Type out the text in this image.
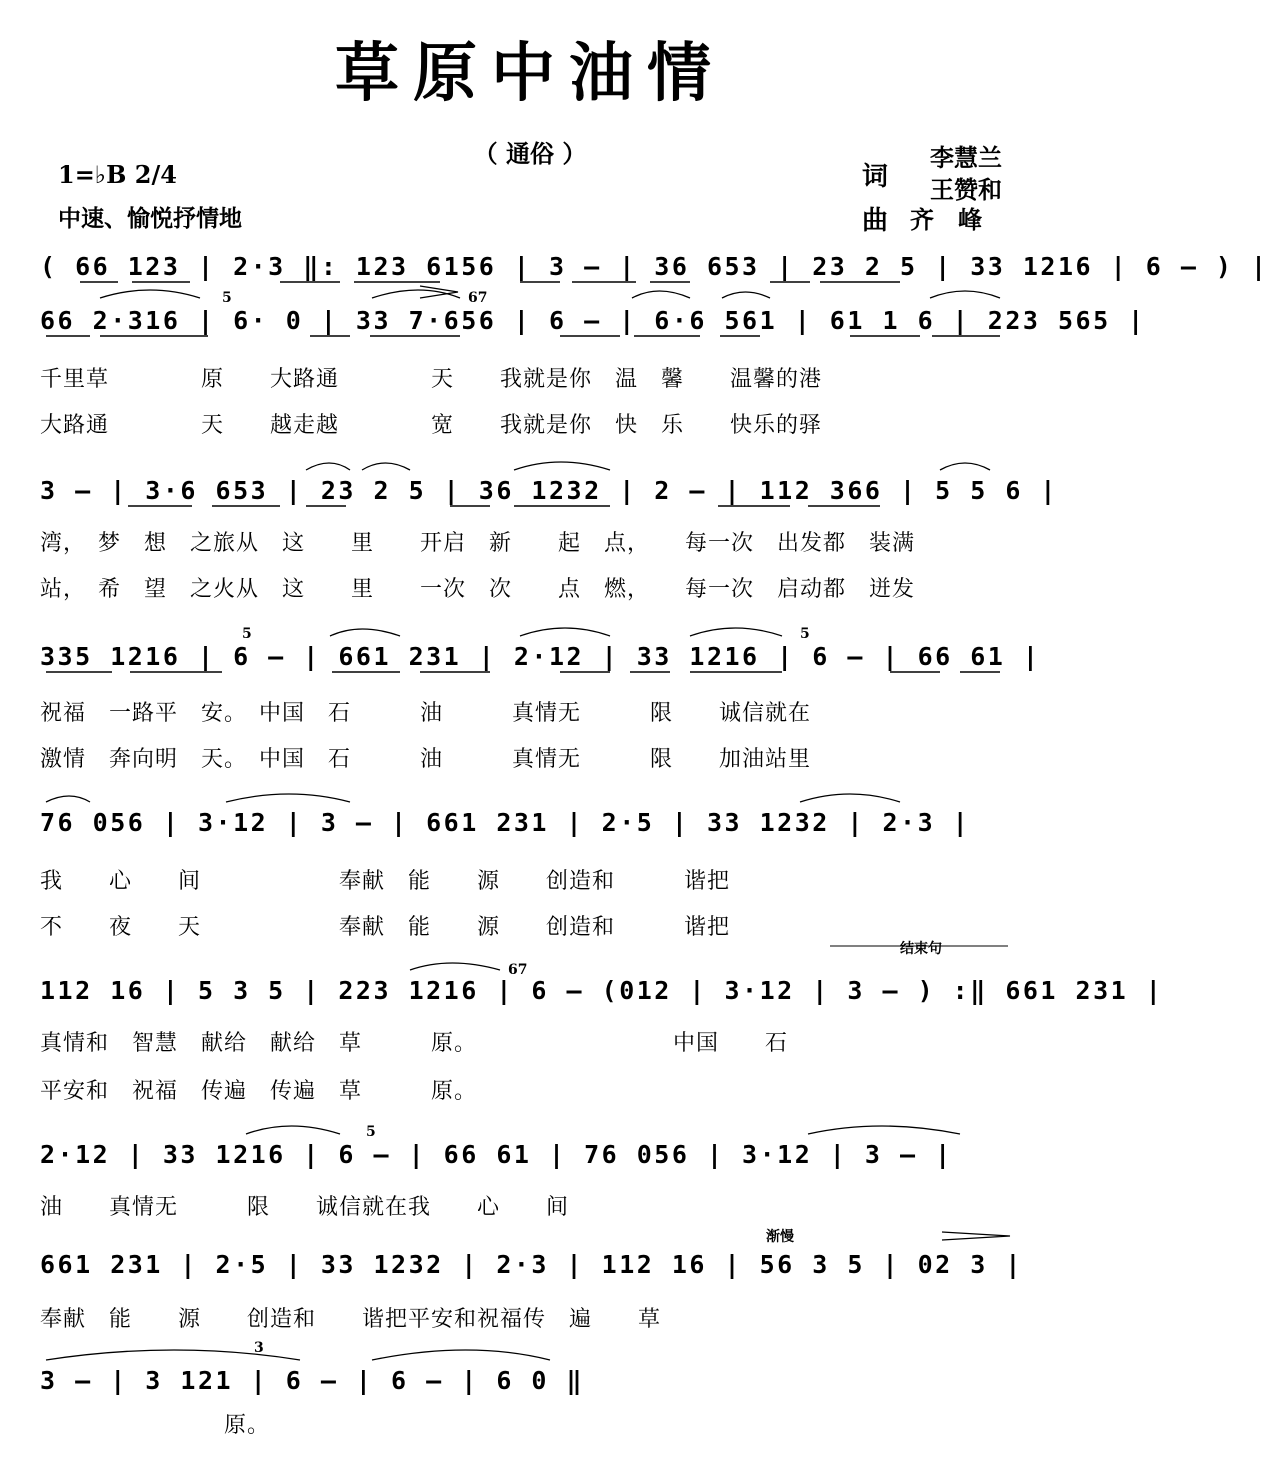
草原中油情
（ 通俗 ）
1=♭B 2/4
中速、愉悦抒情地
李慧兰
词 王赞和
曲 齐　峰
( 66 123 | 2·3 ‖: 123 6156 | 3 — | 36 653 | 23 2 5 | 33 1216 | 6 — ) |
5	67
66 2·316 | 6· 0 | 33 7·656 | 6 — | 6·6 561 | 61 1 6 | 223 565 |
千里草　　　　原　　大路通　　　　天　　我就是你　温　馨　　温馨的港
大路通　　　　天　　越走越　　　　宽　　我就是你　快　乐　　快乐的驿
3 — | 3·6 653 | 23 2 5 | 36 1232 | 2 — | 112 366 | 5 5 6 |
湾，　梦　想　之旅从　这　　里　　开启　新　　起　点，　　每一次　出发都　装满
站，　希　望　之火从　这　　里　　一次　次　　点　燃，　　每一次　启动都　迸发
5	5
335 1216 | 6 — | 661 231 | 2·12 | 33 1216 | 6 — | 66 61 |
祝福　一路平　安。　中国　石　　　油　　　真情无　　　限　　诚信就在
激情　奔向明　天。　中国　石　　　油　　　真情无　　　限　　加油站里
76 056 | 3·12 | 3 — | 661 231 | 2·5 | 33 1232 | 2·3 |
我　　心　　间　　　　　　奉献　能　　源　　创造和　　　谐把
不　　夜　　天　　　　　　奉献　能　　源　　创造和　　　谐把
结束句
67
112 16 | 5 3 5 | 223 1216 | 6 — (012 | 3·12 | 3 — ) :‖ 661 231 |
真情和　智慧　献给　献给　草　　　原。　　　　　　　　　中国　　石
平安和　祝福　传遍　传遍　草　　　原。
5
2·12 | 33 1216 | 6 — | 66 61 | 76 056 | 3·12 | 3 — |
油　　真情无　　　限　　诚信就在我　　心　　间
渐慢
661 231 | 2·5 | 33 1232 | 2·3 | 112 16 | 56 3 5 | 02 3 |
奉献　能　　源　　创造和　　谐把平安和祝福传　遍　　草
3
3 — | 3 121 | 6 — | 6 — | 6 0 ‖
　　　　　　　　原。
